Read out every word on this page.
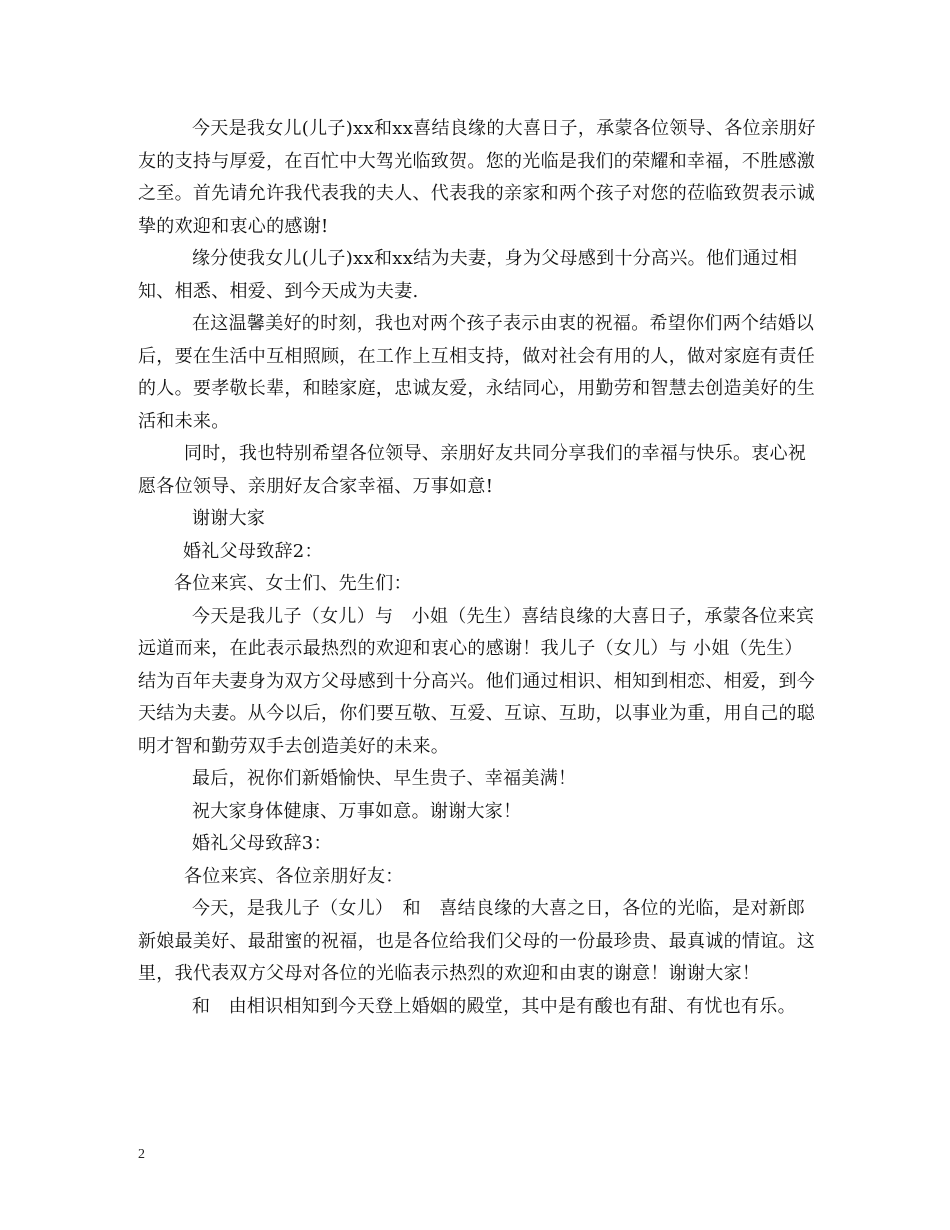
今天是我女儿(儿子)xx和xx喜结良缘的大喜日子，承蒙各位领导、各位亲朋好友的支持与厚爱，在百忙中大驾光临致贺。您的光临是我们的荣耀和幸福，不胜感激之至。首先请允许我代表我的夫人、代表我的亲家和两个孩子对您的莅临致贺表示诚挚的欢迎和衷心的感谢!

缘分使我女儿(儿子)xx和xx结为夫妻，身为父母感到十分高兴。他们通过相知、相悉、相爱、到今天成为夫妻.

在这温馨美好的时刻，我也对两个孩子表示由衷的祝福。希望你们两个结婚以后，要在生活中互相照顾，在工作上互相支持，做对社会有用的人，做对家庭有责任的人。要孝敬长辈，和睦家庭，忠诚友爱，永结同心，用勤劳和智慧去创造美好的生活和未来。

同时，我也特别希望各位领导、亲朋好友共同分享我们的幸福与快乐。衷心祝愿各位领导、亲朋好友合家幸福、万事如意!

谢谢大家

婚礼父母致辞2：

各位来宾、女士们、先生们：

今天是我儿子（女儿）与　小姐（先生）喜结良缘的大喜日子，承蒙各位来宾远道而来，在此表示最热烈的欢迎和衷心的感谢！我儿子（女儿）与 小姐（先生）结为百年夫妻身为双方父母感到十分高兴。他们通过相识、相知到相恋、相爱，到今天结为夫妻。从今以后，你们要互敬、互爱、互谅、互助，以事业为重，用自己的聪明才智和勤劳双手去创造美好的未来。

最后，祝你们新婚愉快、早生贵子、幸福美满！

祝大家身体健康、万事如意。谢谢大家！

婚礼父母致辞3：

各位来宾、各位亲朋好友：

今天，是我儿子（女儿）　和　喜结良缘的大喜之日，各位的光临，是对新郎新娘最美好、最甜蜜的祝福，也是各位给我们父母的一份最珍贵、最真诚的情谊。这里，我代表双方父母对各位的光临表示热烈的欢迎和由衷的谢意！谢谢大家！

和　由相识相知到今天登上婚姻的殿堂，其中是有酸也有甜、有忧也有乐。

2
